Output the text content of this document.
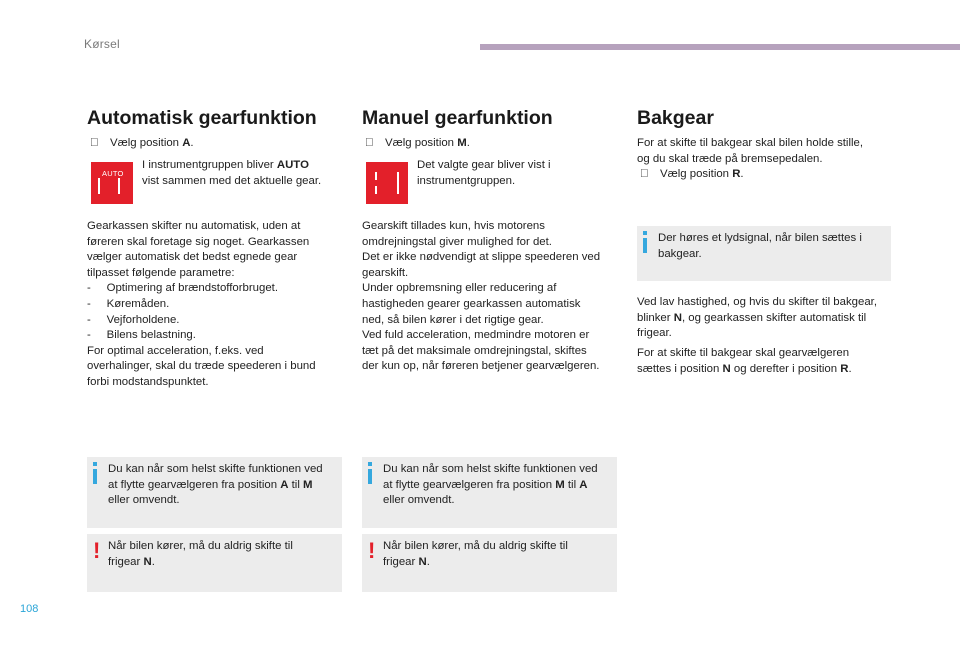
Kørsel
Automatisk gearfunktion
Vælg position A.
AUTO
I instrumentgruppen bliver AUTO
vist sammen med det aktuelle gear.
Gearkassen skifter nu automatisk, uden at
føreren skal foretage sig noget. Gearkassen
vælger automatisk det bedst egnede gear
tilpasset følgende parametre:
-     Optimering af brændstofforbruget.
-     Køremåden.
-     Vejforholdene.
-     Bilens belastning.
For optimal acceleration, f.eks. ved
overhalinger, skal du træde speederen i bund
forbi modstandspunktet.
Du kan når som helst skifte funktionen ved
at flytte gearvælgeren fra position A til M
eller omvendt.
! Når bilen kører, må du aldrig skifte til
frigear N.
Manuel gearfunktion
Vælg position M.
Det valgte gear bliver vist i
instrumentgruppen.
Gearskift tillades kun, hvis motorens
omdrejningstal giver mulighed for det.
Det er ikke nødvendigt at slippe speederen ved
gearskift.
Under opbremsning eller reducering af
hastigheden gearer gearkassen automatisk
ned, så bilen kører i det rigtige gear.
Ved fuld acceleration, medmindre motoren er
tæt på det maksimale omdrejningstal, skiftes
der kun op, når føreren betjener gearvælgeren.
Du kan når som helst skifte funktionen ved
at flytte gearvælgeren fra position M til A
eller omvendt.
! Når bilen kører, må du aldrig skifte til
frigear N.
Bakgear
For at skifte til bakgear skal bilen holde stille,
og du skal træde på bremsepedalen.
Vælg position R.
Der høres et lydsignal, når bilen sættes i
bakgear.
Ved lav hastighed, og hvis du skifter til bakgear,
blinker N, og gearkassen skifter automatisk til
frigear.
For at skifte til bakgear skal gearvælgeren
sættes i position N og derefter i position R.
108
